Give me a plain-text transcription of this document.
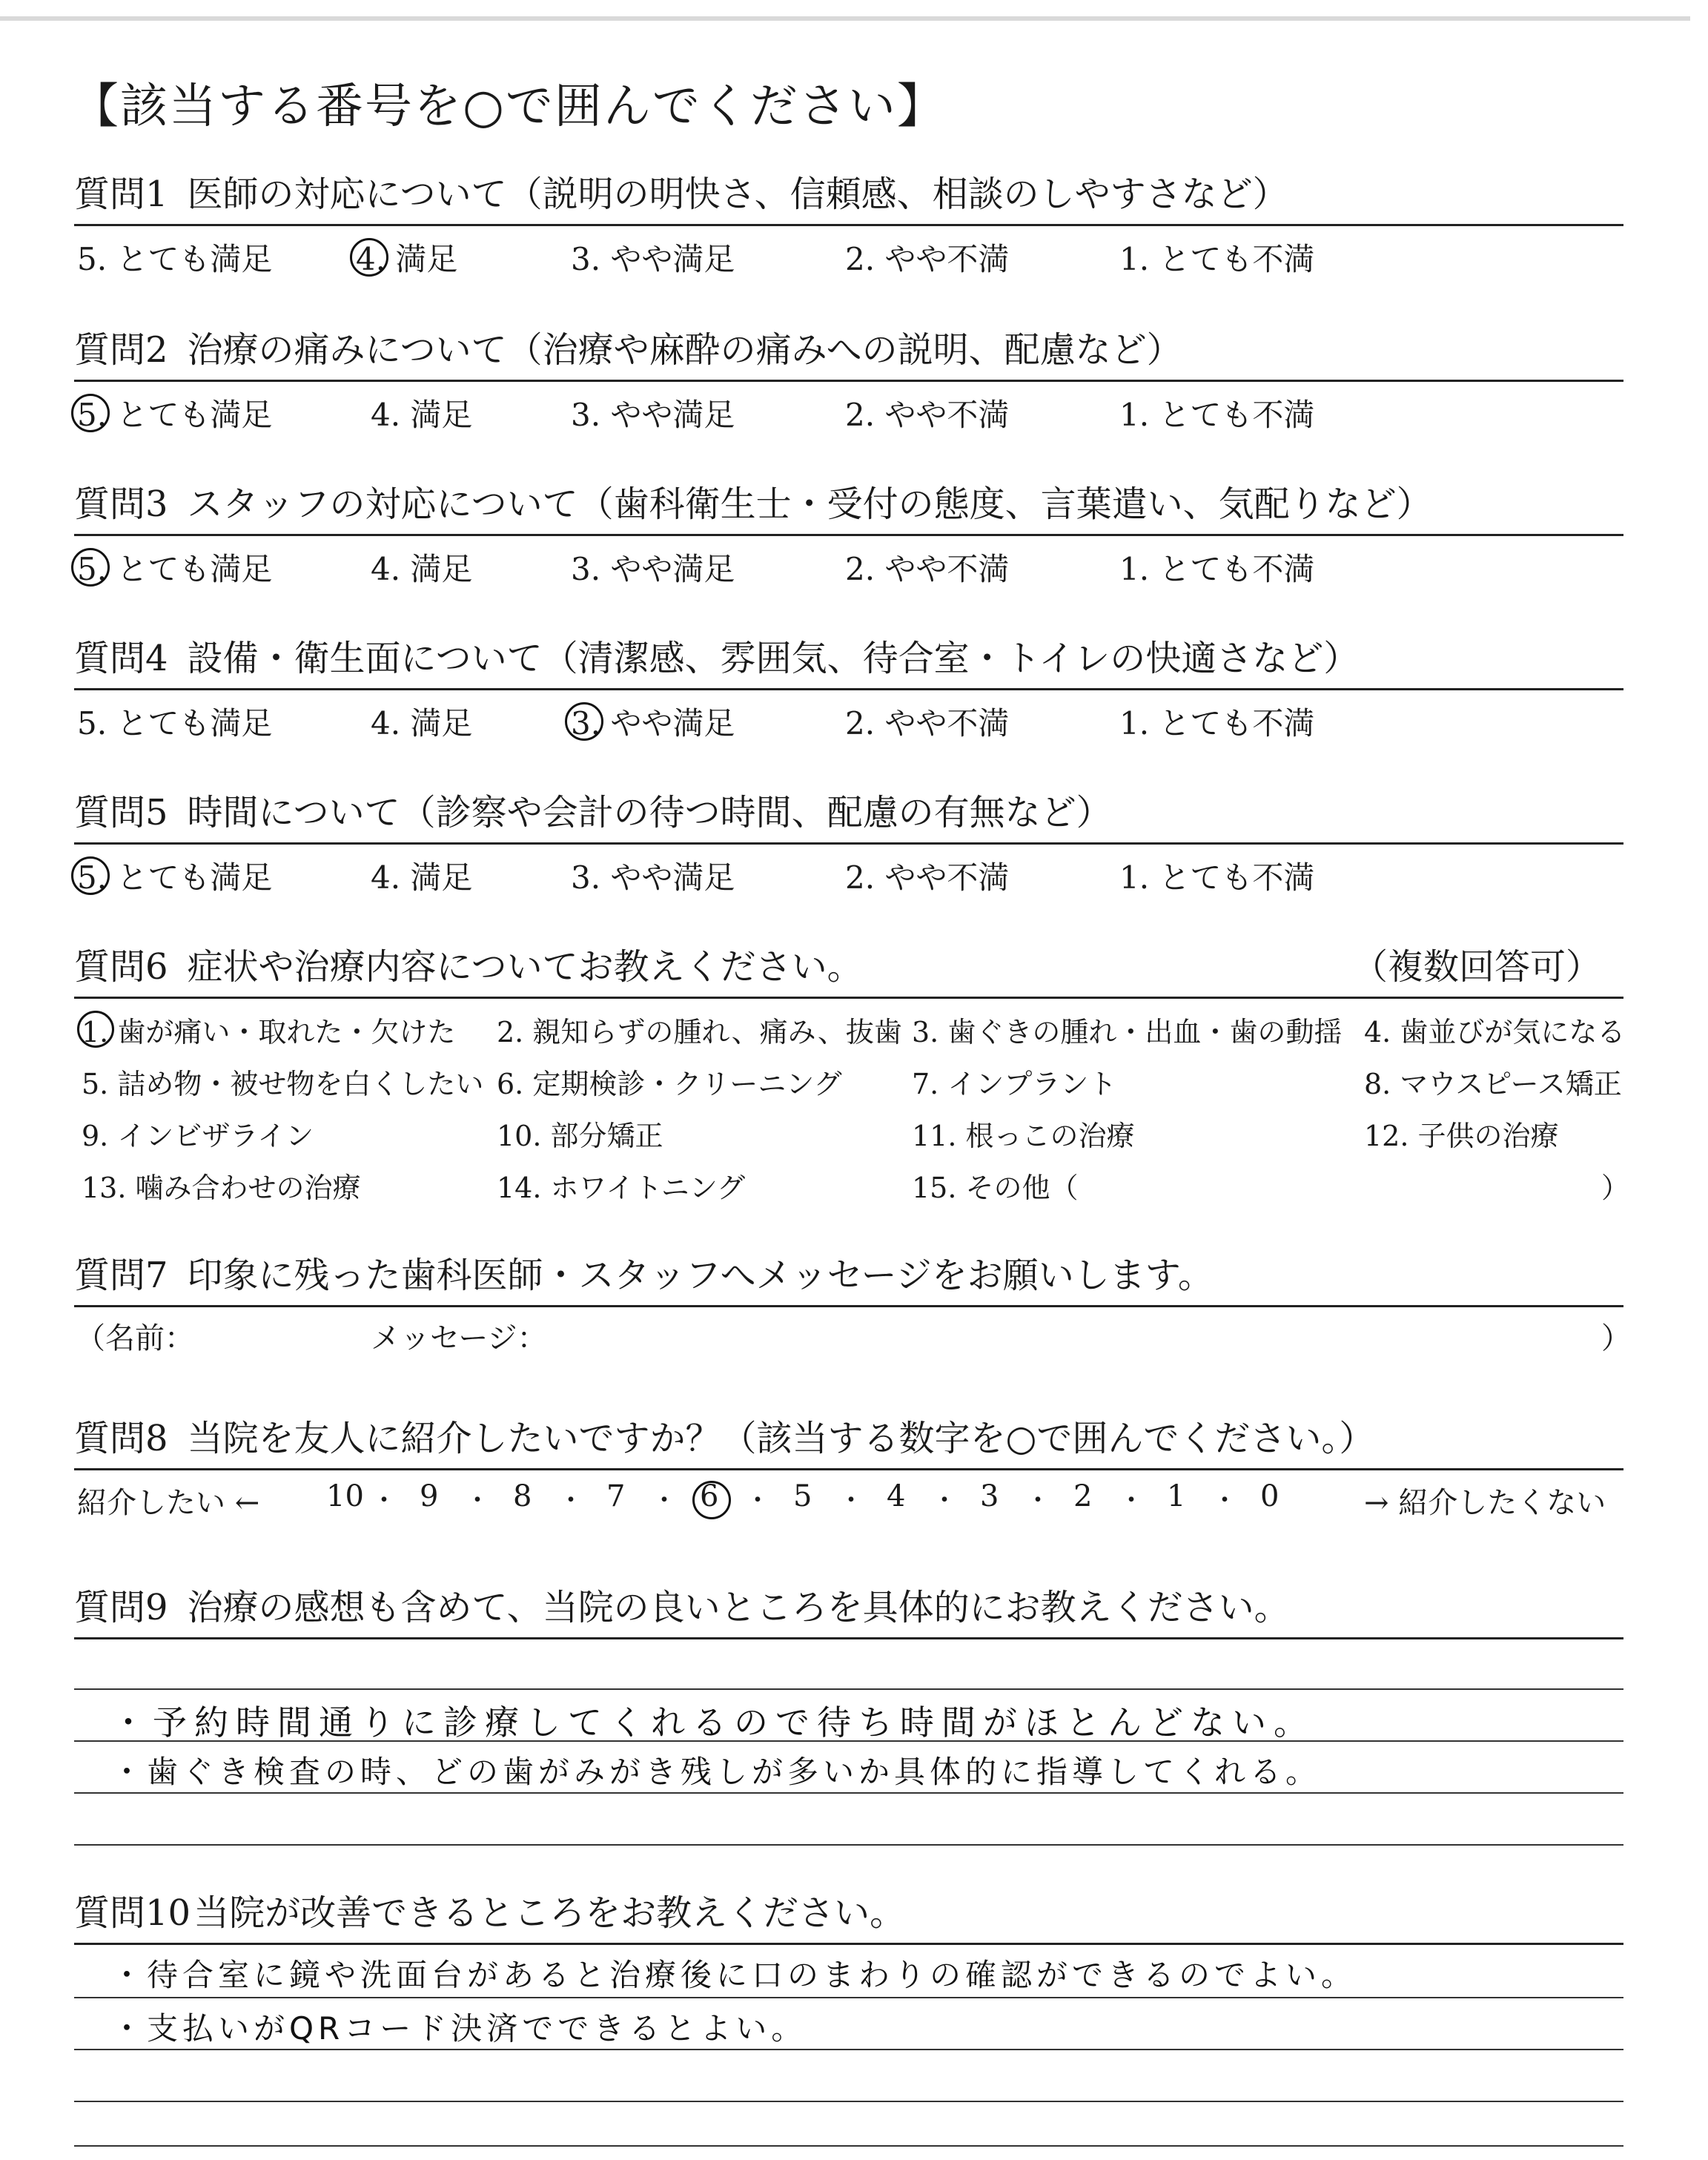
【該当する番号を○で囲んでください】
質問1 医師の対応について（説明の明快さ、信頼感、相談のしやすさなど）
5. とても満足	4. 満足	3. やや満足	2. やや不満	1. とても不満
質問2 治療の痛みについて（治療や麻酔の痛みへの説明、配慮など）
5. とても満足	4. 満足	3. やや満足	2. やや不満	1. とても不満
質問3 スタッフの対応について（歯科衛生士・受付の態度、言葉遣い、気配りなど）
5. とても満足	4. 満足	3. やや満足	2. やや不満	1. とても不満
質問4 設備・衛生面について（清潔感、雰囲気、待合室・トイレの快適さなど）
5. とても満足	4. 満足	3. やや満足	2. やや不満	1. とても不満
質問5 時間について（診察や会計の待つ時間、配慮の有無など）
5. とても満足	4. 満足	3. やや満足	2. やや不満	1. とても不満
質問6 症状や治療内容についてお教えください。	（複数回答可）
1. 歯が痛い・取れた・欠けた 2. 親知らずの腫れ、痛み、抜歯 3. 歯ぐきの腫れ・出血・歯の動揺 4. 歯並びが気になる
5. 詰め物・被せ物を白くしたい 6. 定期検診・クリーニング 7. インプラント	8. マウスピース矯正
9. インビザライン	10. 部分矯正	11. 根っこの治療	12. 子供の治療
13. 噛み合わせの治療	14. ホワイトニング	15. その他（	）
質問7 印象に残った歯科医師・スタッフへメッセージをお願いします。
（名前：	メッセージ：	）
質問8 当院を友人に紹介したいですか？（該当する数字を○で囲んでください。）
紹介したい ←	→ 紹介したくない
10 ・ 9 ・ 8 ・ 7 ・ 6 ・ 5 ・ 4 ・ 3 ・ 2 ・ 1 ・ 0
質問9 治療の感想も含めて、当院の良いところを具体的にお教えください。
・予約時間通りに診療してくれるので待ち時間がほとんどない。
・歯ぐき検査の時、どの歯がみがき残しが多いか具体的に指導してくれる。
質問10当院が改善できるところをお教えください。
・待合室に鏡や洗面台があると治療後に口のまわりの確認ができるのでよい。
・支払いがQRコード決済でできるとよい。
